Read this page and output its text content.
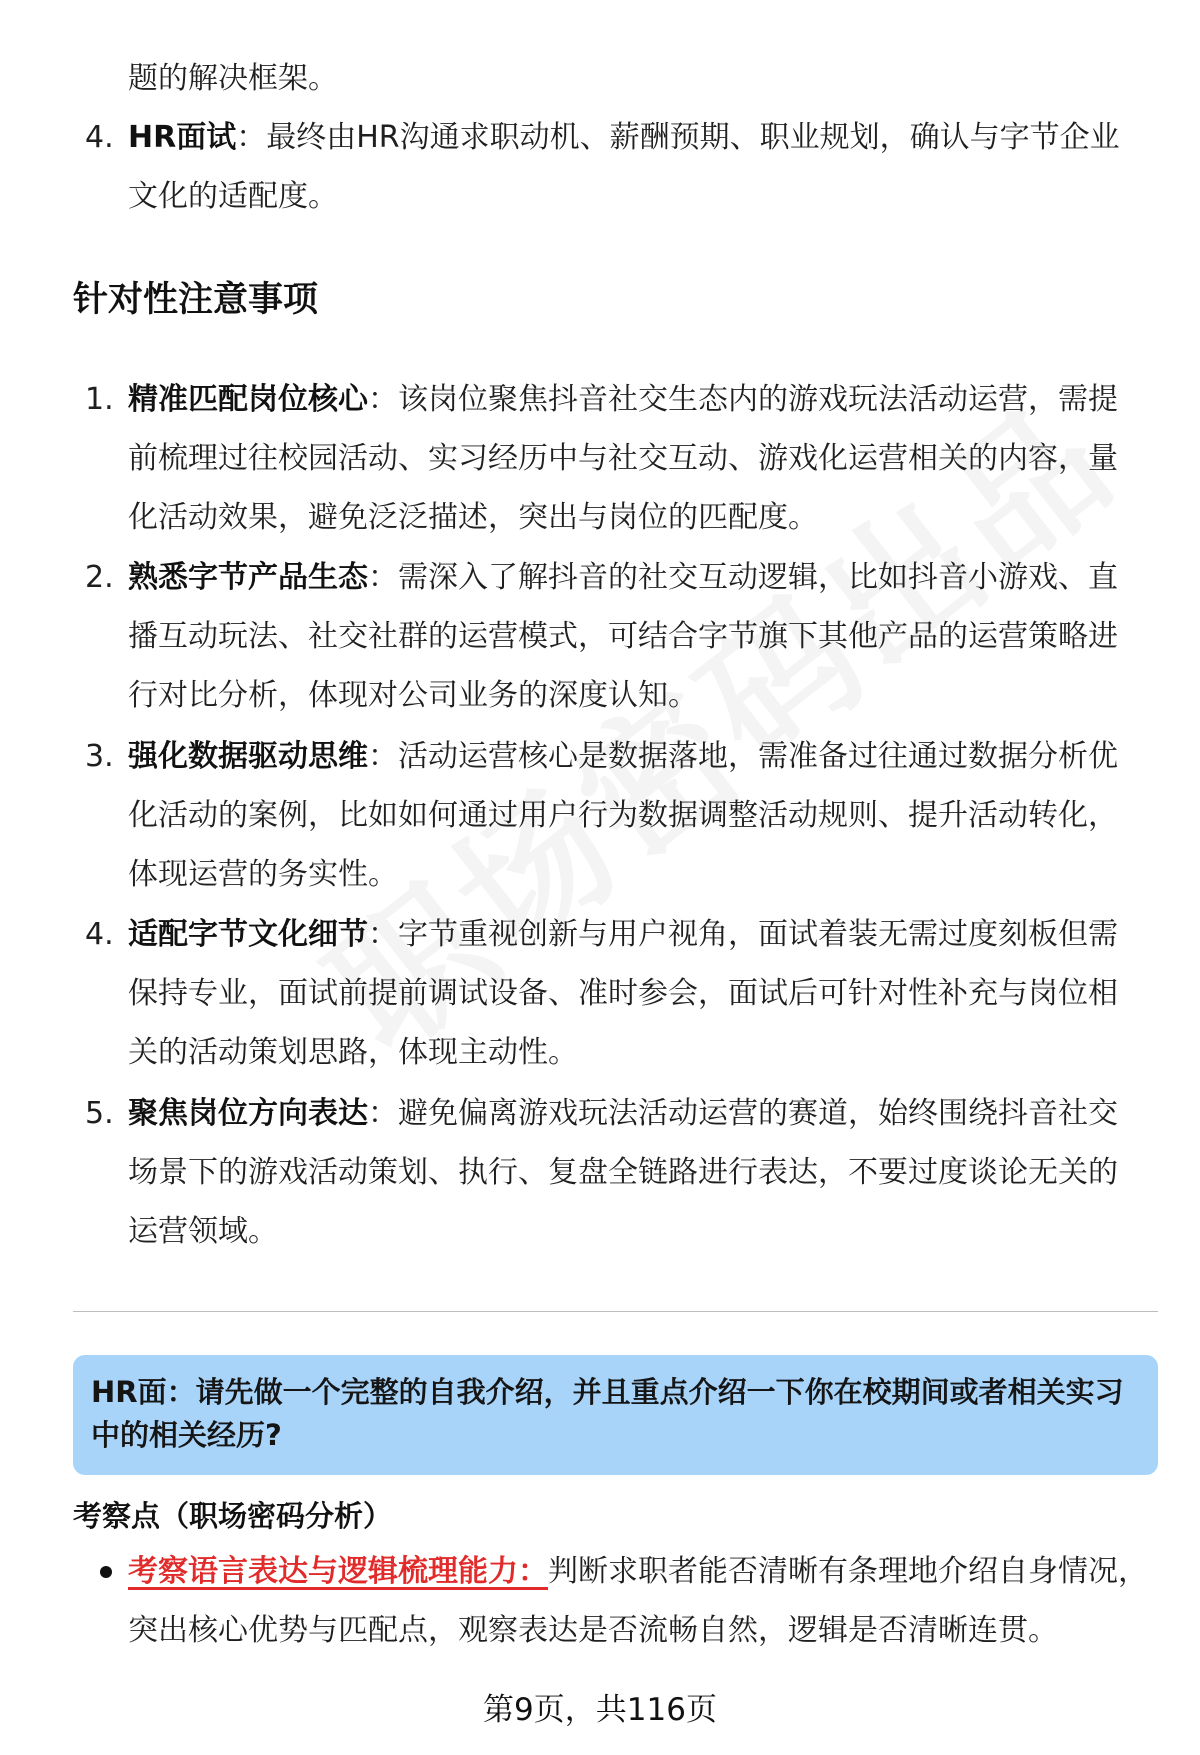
题的解决框架。
4. HR面试：最终由HR沟通求职动机、薪酬预期、职业规划，确认与字节企业文化的适配度。
针对性注意事项
1. 精准匹配岗位核心：该岗位聚焦抖音社交生态内的游戏玩法活动运营，需提前梳理过往校园活动、实习经历中与社交互动、游戏化运营相关的内容，量化活动效果，避免泛泛描述，突出与岗位的匹配度。
2. 熟悉字节产品生态：需深入了解抖音的社交互动逻辑，比如抖音小游戏、直播互动玩法、社交社群的运营模式，可结合字节旗下其他产品的运营策略进行对比分析，体现对公司业务的深度认知。
3. 强化数据驱动思维：活动运营核心是数据落地，需准备过往通过数据分析优化活动的案例，比如如何通过用户行为数据调整活动规则、提升活动转化，体现运营的务实性。
4. 适配字节文化细节：字节重视创新与用户视角，面试着装无需过度刻板但需保持专业，面试前提前调试设备、准时参会，面试后可针对性补充与岗位相关的活动策划思路，体现主动性。
5. 聚焦岗位方向表达：避免偏离游戏玩法活动运营的赛道，始终围绕抖音社交场景下的游戏活动策划、执行、复盘全链路进行表达，不要过度谈论无关的运营领域。
HR面：请先做一个完整的自我介绍，并且重点介绍一下你在校期间或者相关实习中的相关经历?
考察点（职场密码分析）
考察语言表达与逻辑梳理能力：判断求职者能否清晰有条理地介绍自身情况，
突出核心优势与匹配点，观察表达是否流畅自然，逻辑是否清晰连贯。
第9页，共116页
